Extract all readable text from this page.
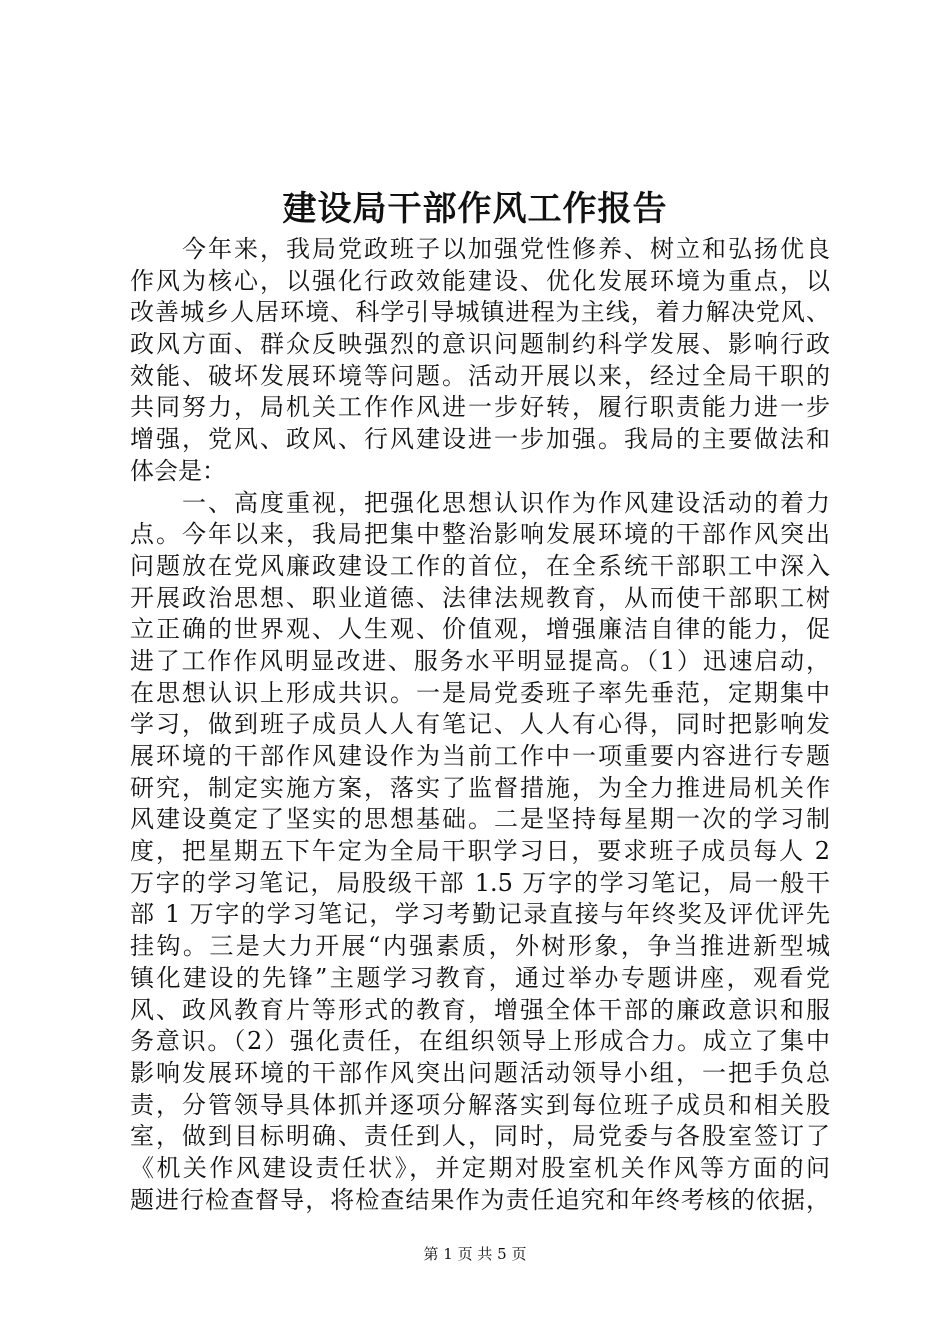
建设局干部作风工作报告
　　今年来，我局党政班子以加强党性修养、树立和弘扬优良
作风为核心，以强化行政效能建设、优化发展环境为重点，以
改善城乡人居环境、科学引导城镇进程为主线，着力解决党风、
政风方面、群众反映强烈的意识问题制约科学发展、影响行政
效能、破坏发展环境等问题。活动开展以来，经过全局干职的
共同努力，局机关工作作风进一步好转，履行职责能力进一步
增强，党风、政风、行风建设进一步加强。我局的主要做法和
体会是：
　　一、高度重视，把强化思想认识作为作风建设活动的着力
点。今年以来，我局把集中整治影响发展环境的干部作风突出
问题放在党风廉政建设工作的首位，在全系统干部职工中深入
开展政治思想、职业道德、法律法规教育，从而使干部职工树
立正确的世界观、人生观、价值观，增强廉洁自律的能力，促
进了工作作风明显改进、服务水平明显提高。（1）迅速启动，
在思想认识上形成共识。一是局党委班子率先垂范，定期集中
学习，做到班子成员人人有笔记、人人有心得，同时把影响发
展环境的干部作风建设作为当前工作中一项重要内容进行专题
研究，制定实施方案，落实了监督措施，为全力推进局机关作
风建设奠定了坚实的思想基础。二是坚持每星期一次的学习制
度，把星期五下午定为全局干职学习日，要求班子成员每人 2
万字的学习笔记，局股级干部 1.5 万字的学习笔记，局一般干
部 1 万字的学习笔记，学习考勤记录直接与年终奖及评优评先
挂钩。三是大力开展“内强素质，外树形象，争当推进新型城
镇化建设的先锋”主题学习教育，通过举办专题讲座，观看党
风、政风教育片等形式的教育，增强全体干部的廉政意识和服
务意识。（2）强化责任，在组织领导上形成合力。成立了集中
影响发展环境的干部作风突出问题活动领导小组，一把手负总
责，分管领导具体抓并逐项分解落实到每位班子成员和相关股
室，做到目标明确、责任到人，同时，局党委与各股室签订了
《机关作风建设责任状》，并定期对股室机关作风等方面的问
题进行检查督导，将检查结果作为责任追究和年终考核的依据，
第 1 页 共 5 页
